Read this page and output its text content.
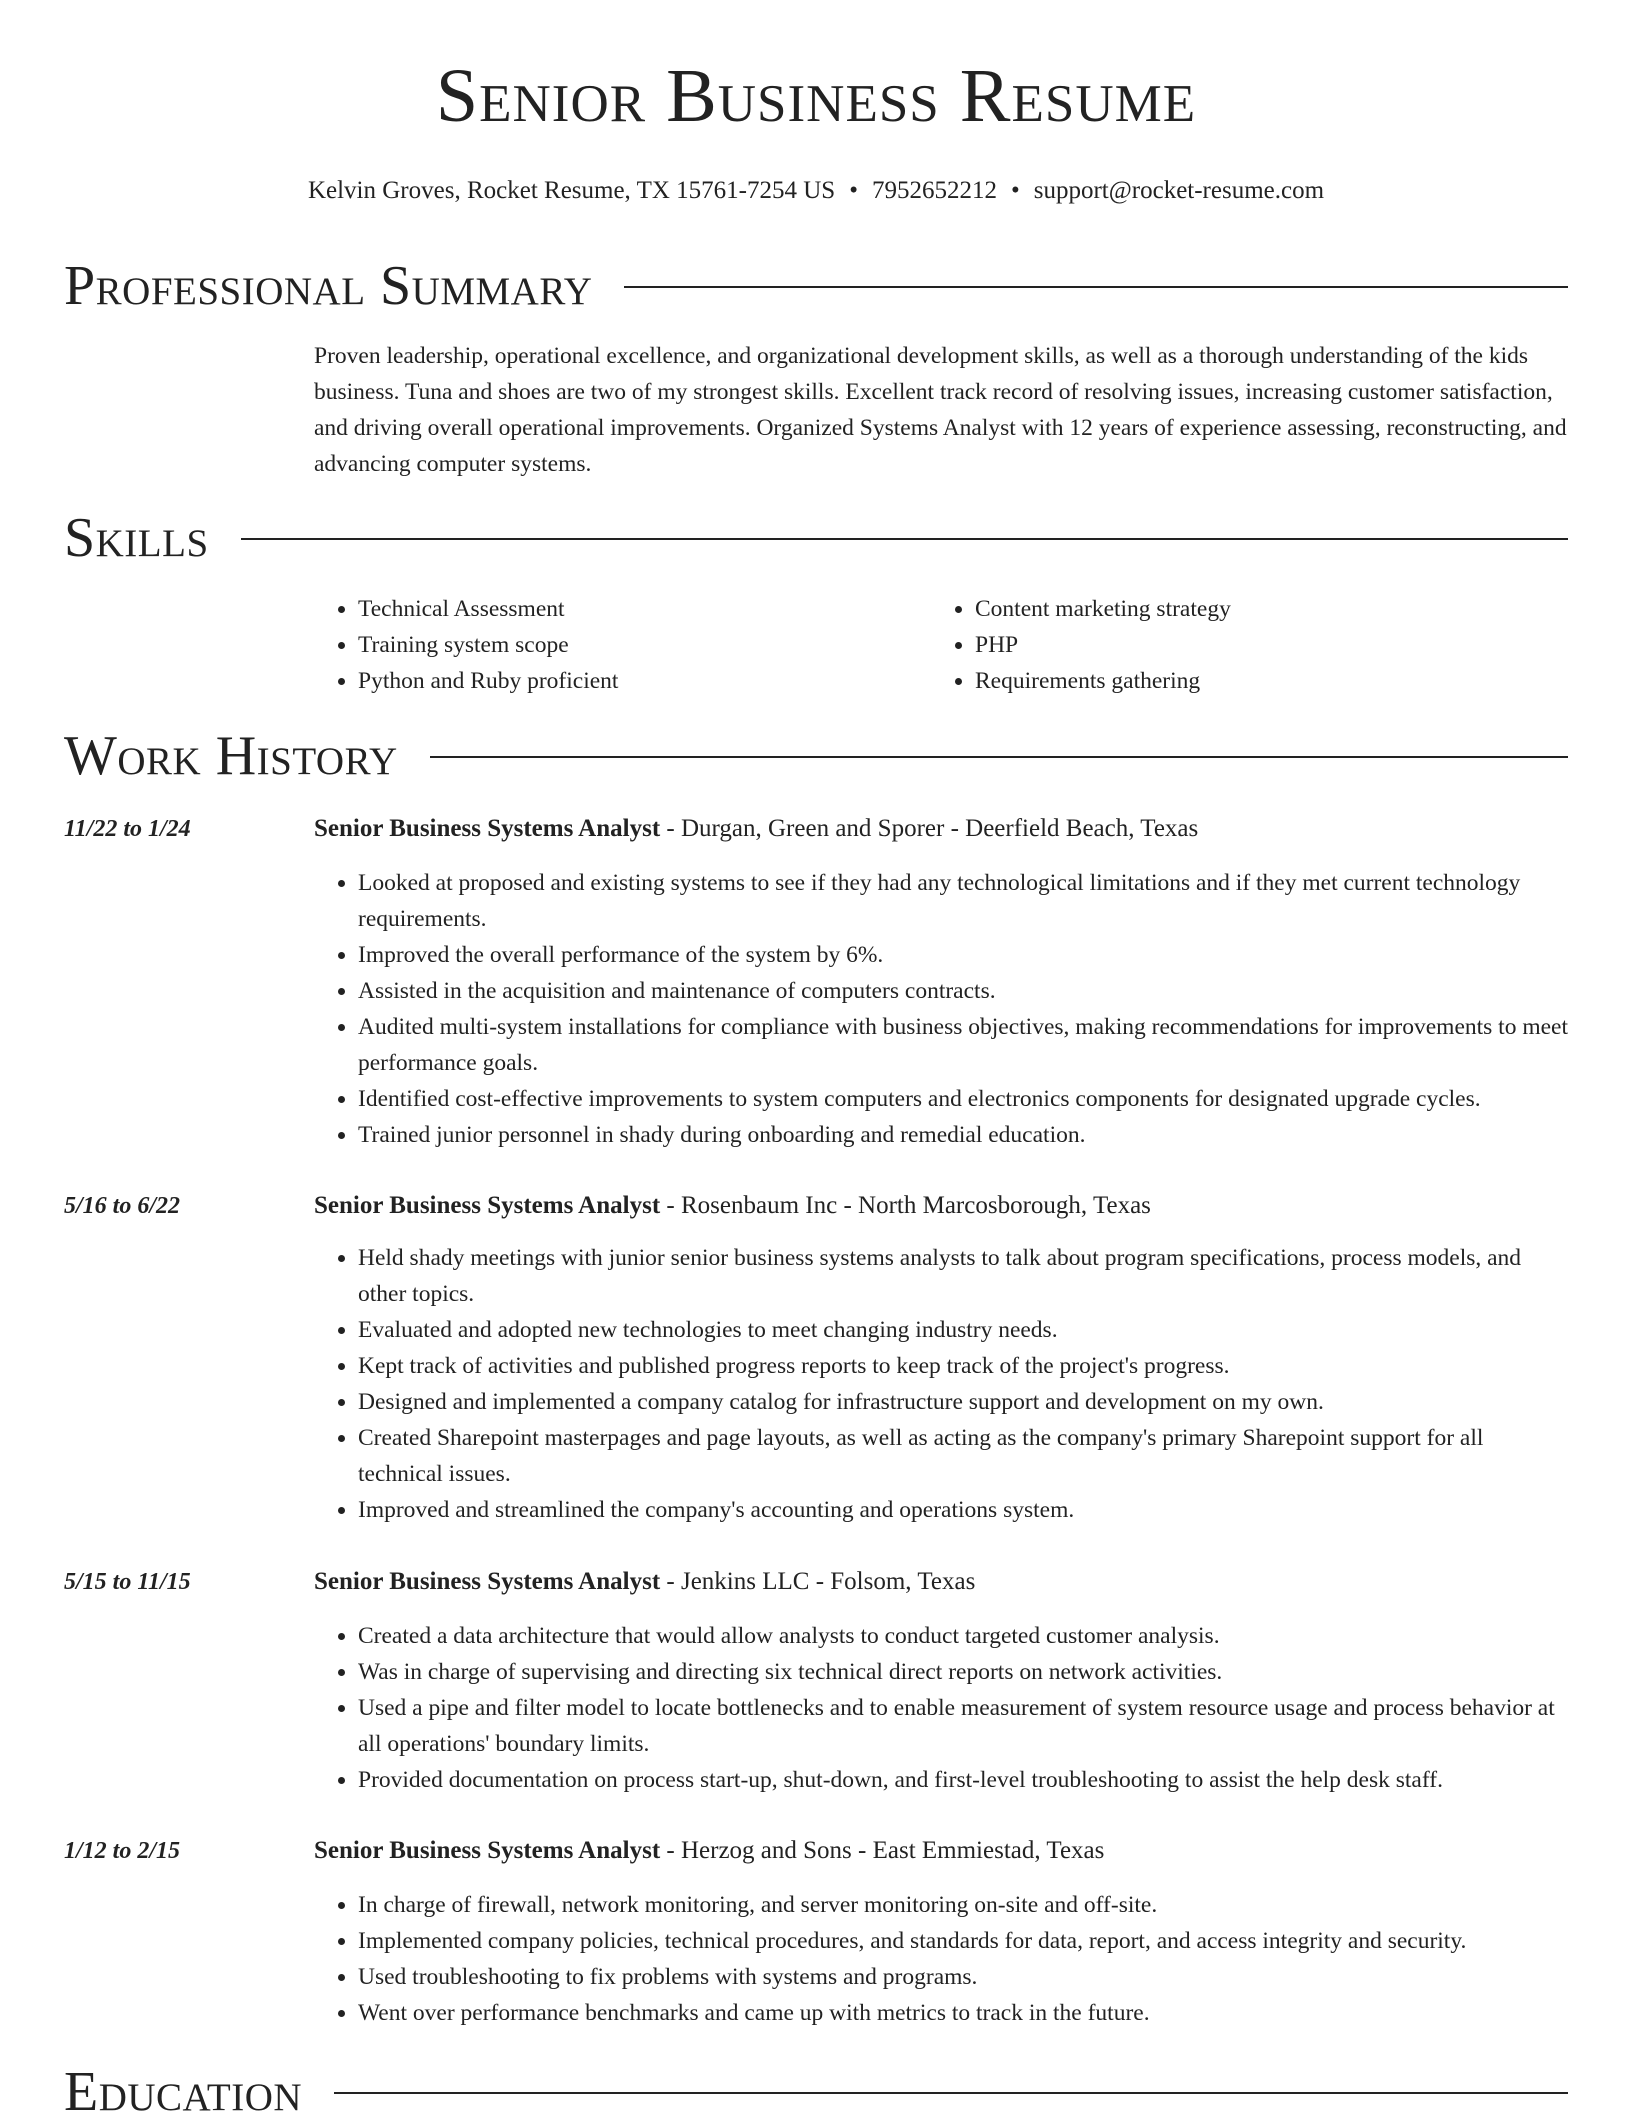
Senior Business Resume
Kelvin Groves, Rocket Resume, TX 15761-7254 US • 7952652212 • support@rocket-resume.com
Professional Summary

Proven leadership, operational excellence, and organizational development skills, as well as a thorough understanding of the kids business. Tuna and shoes are two of my strongest skills. Excellent track record of resolving issues, increasing customer satisfaction, and driving overall operational improvements. Organized Systems Analyst with 12 years of experience assessing, reconstructing, and advancing computer systems.

Skills
• Technical Assessment
• Training system scope
• Python and Ruby proficient
• Content marketing strategy
• PHP
• Requirements gathering
Work History
11/22 to 1/24	Senior Business Systems Analyst - Durgan, Green and Sporer - Deerfield Beach, Texas
• Looked at proposed and existing systems to see if they had any technological limitations and if they met current technology requirements.
• Improved the overall performance of the system by 6%.
• Assisted in the acquisition and maintenance of computers contracts.
• Audited multi-system installations for compliance with business objectives, making recommendations for improvements to meet performance goals.
• Identified cost-effective improvements to system computers and electronics components for designated upgrade cycles.
• Trained junior personnel in shady during onboarding and remedial education.
5/16 to 6/22	Senior Business Systems Analyst - Rosenbaum Inc - North Marcosborough, Texas
• Held shady meetings with junior senior business systems analysts to talk about program specifications, process models, and other topics.
• Evaluated and adopted new technologies to meet changing industry needs.
• Kept track of activities and published progress reports to keep track of the project's progress.
• Designed and implemented a company catalog for infrastructure support and development on my own.
• Created Sharepoint masterpages and page layouts, as well as acting as the company's primary Sharepoint support for all technical issues.
• Improved and streamlined the company's accounting and operations system.
5/15 to 11/15	Senior Business Systems Analyst - Jenkins LLC - Folsom, Texas
• Created a data architecture that would allow analysts to conduct targeted customer analysis.
• Was in charge of supervising and directing six technical direct reports on network activities.
• Used a pipe and filter model to locate bottlenecks and to enable measurement of system resource usage and process behavior at all operations' boundary limits.
• Provided documentation on process start-up, shut-down, and first-level troubleshooting to assist the help desk staff.
1/12 to 2/15	Senior Business Systems Analyst - Herzog and Sons - East Emmiestad, Texas
• In charge of firewall, network monitoring, and server monitoring on-site and off-site.
• Implemented company policies, technical procedures, and standards for data, report, and access integrity and security.
• Used troubleshooting to fix problems with systems and programs.
• Went over performance benchmarks and came up with metrics to track in the future.
Education
